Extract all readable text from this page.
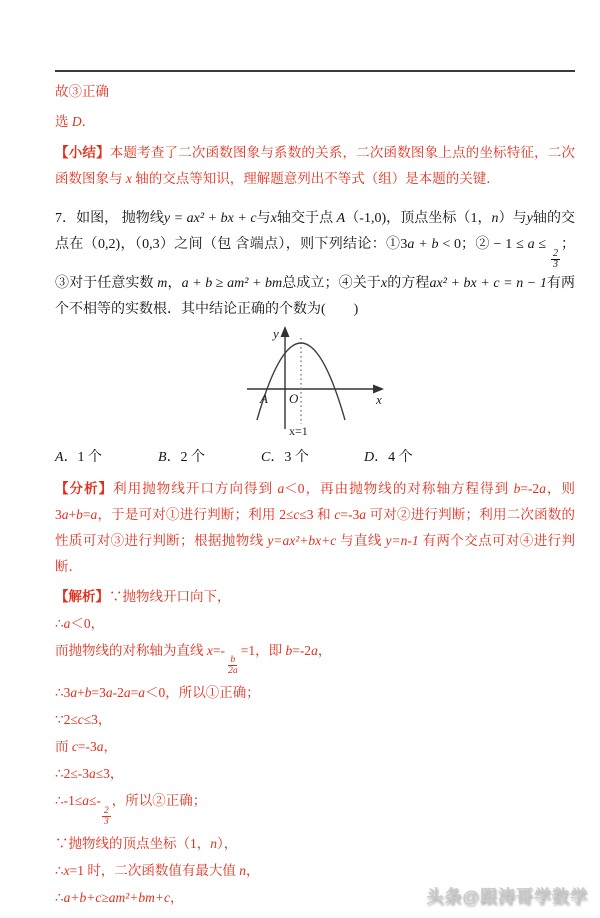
故③正确

选 D．

【小结】本题考查了二次函数图象与系数的关系，二次函数图象上点的坐标特征，二次函数图象与 x 轴的交点等知识，理解题意列出不等式（组）是本题的关键．

7．如图， 抛物线y = ax² + bx + c与x轴交于点 A（-1,0)，顶点坐标（1，n）与y轴的交点在（0,2)，（0,3）之间（包 含端点），则下列结论：①3a + b < 0；② − 1 ≤ a ≤
$\frac{2}{3}$
；③对于任意实数 m，a + b ≥ am² + bm总成立；④关于x的方程ax² + bx + c = n − 1有两个不相等的实数根．其中结论正确的个数为(　　)

y
x
O
A
x=1

A．1 个	B．2 个	C．3 个	D．4 个

【分析】利用抛物线开口方向得到 a＜0，再由抛物线的对称轴方程得到 b=-2a，则 3a+b=a，于是可对①进行判断；利用 2≤c≤3 和 c=-3a 可对②进行判断；利用二次函数的性质可对③进行判断；根据抛物线 y=ax²+bx+c 与直线 y=n-1 有两个交点可对④进行判断．

【解析】∵抛物线开口向下，

∴a＜0，

而抛物线的对称轴为直线 x=-
$\frac{b}{2a}$
=1，即 b=-2a，

∴3a+b=3a-2a=a＜0，所以①正确；

∵2≤c≤3，

而 c=-3a，

∴2≤-3a≤3，

∴-1≤a≤-
$\frac{2}{3}$
，所以②正确；

∵抛物线的顶点坐标（1，n），

∴x=1 时，二次函数值有最大值 n，

∴a+b+c≥am²+bm+c，	头条@跟涛哥学数学
